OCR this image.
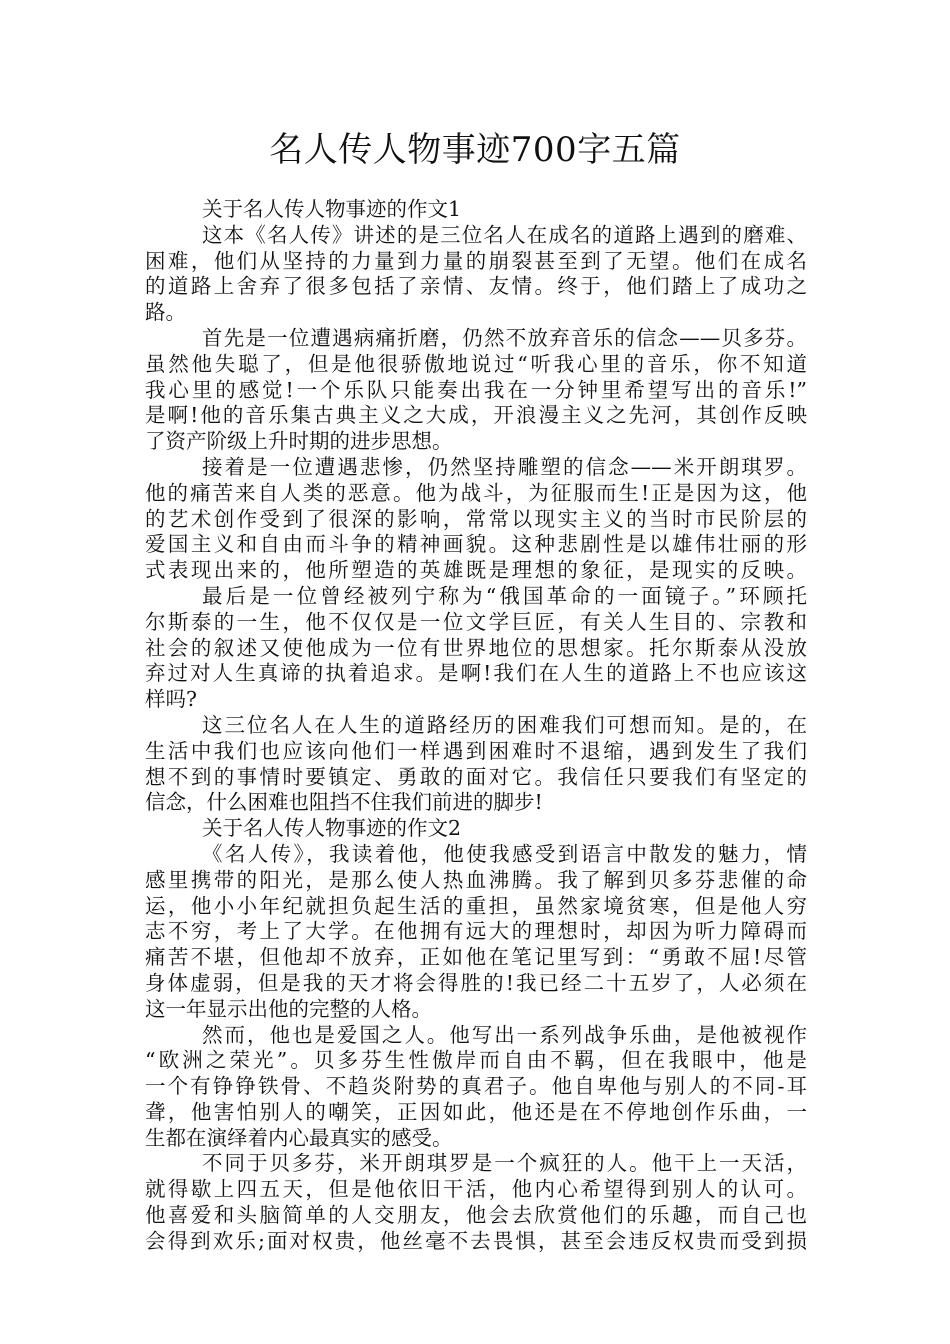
名人传人物事迹700字五篇
关于名人传人物事迹的作文1
这本《名人传》讲述的是三位名人在成名的道路上遇到的磨难、
困难，他们从坚持的力量到力量的崩裂甚至到了无望。他们在成名
的道路上舍弃了很多包括了亲情、友情。终于，他们踏上了成功之
路。
首先是一位遭遇病痛折磨，仍然不放弃音乐的信念——贝多芬。
虽然他失聪了，但是他很骄傲地说过“听我心里的音乐，你不知道
我心里的感觉!一个乐队只能奏出我在一分钟里希望写出的音乐!”
是啊!他的音乐集古典主义之大成，开浪漫主义之先河，其创作反映
了资产阶级上升时期的进步思想。
接着是一位遭遇悲惨，仍然坚持雕塑的信念——米开朗琪罗。
他的痛苦来自人类的恶意。他为战斗，为征服而生!正是因为这，他
的艺术创作受到了很深的影响，常常以现实主义的当时市民阶层的
爱国主义和自由而斗争的精神画貌。这种悲剧性是以雄伟壮丽的形
式表现出来的，他所塑造的英雄既是理想的象征，是现实的反映。
最后是一位曾经被列宁称为“俄国革命的一面镜子。”环顾托
尔斯泰的一生，他不仅仅是一位文学巨匠，有关人生目的、宗教和
社会的叙述又使他成为一位有世界地位的思想家。托尔斯泰从没放
弃过对人生真谛的执着追求。是啊!我们在人生的道路上不也应该这
样吗?
这三位名人在人生的道路经历的困难我们可想而知。是的，在
生活中我们也应该向他们一样遇到困难时不退缩，遇到发生了我们
想不到的事情时要镇定、勇敢的面对它。我信任只要我们有坚定的
信念，什么困难也阻挡不住我们前进的脚步!
关于名人传人物事迹的作文2
《名人传》，我读着他，他使我感受到语言中散发的魅力，情
感里携带的阳光，是那么使人热血沸腾。我了解到贝多芬悲催的命
运，他小小年纪就担负起生活的重担，虽然家境贫寒，但是他人穷
志不穷，考上了大学。在他拥有远大的理想时，却因为听力障碍而
痛苦不堪，但他却不放弃，正如他在笔记里写到：“勇敢不屈!尽管
身体虚弱，但是我的天才将会得胜的!我已经二十五岁了，人必须在
这一年显示出他的完整的人格。
然而，他也是爱国之人。他写出一系列战争乐曲，是他被视作
“欧洲之荣光”。贝多芬生性傲岸而自由不羁，但在我眼中，他是
一个有铮铮铁骨、不趋炎附势的真君子。他自卑他与别人的不同-耳
聋，他害怕别人的嘲笑，正因如此，他还是在不停地创作乐曲，一
生都在演绎着内心最真实的感受。
不同于贝多芬，米开朗琪罗是一个疯狂的人。他干上一天活，
就得歇上四五天，但是他依旧干活，他内心希望得到别人的认可。
他喜爱和头脑简单的人交朋友，他会去欣赏他们的乐趣，而自己也
会得到欢乐;面对权贵，他丝毫不去畏惧，甚至会违反权贵而受到损
